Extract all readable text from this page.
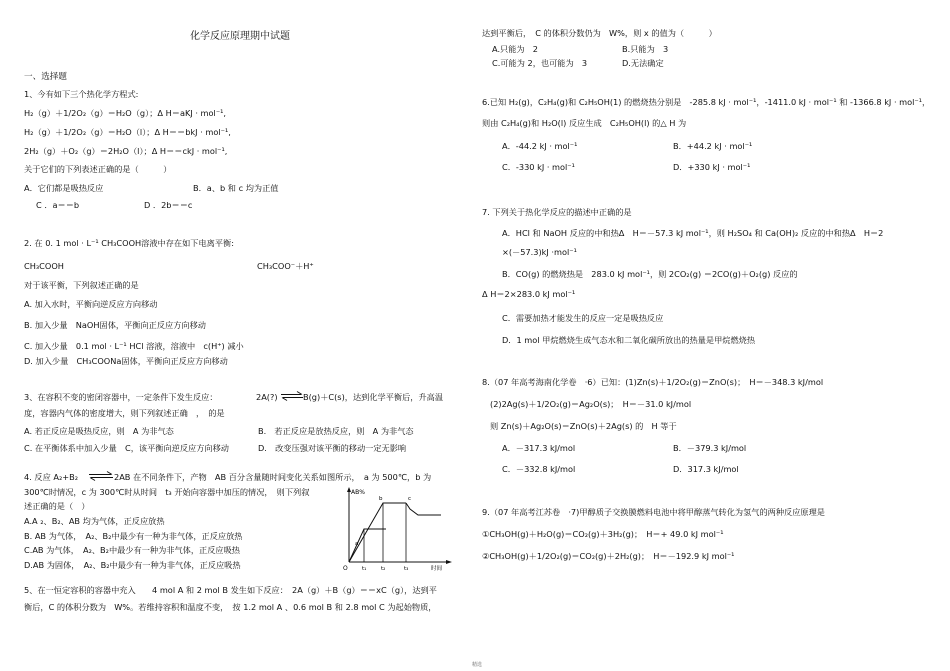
化学反应原理期中试题
一、选择题
1、今有如下三个热化学方程式:
H₂（g）＋1/2O₂（g）＝H₂O（g）；Δ H＝aKJ · mol⁻¹,
H₂（g）＋1/2O₂（g）＝H₂O（l）；Δ H＝＝bkJ · mol⁻¹,
2H₂（g）＋O₂（g）＝2H₂O（l）；Δ H＝＝ckJ · mol⁻¹,
关于它们的下列表述正确的是（　　　）
A．它们都是吸热反应	B．a、b 和 c 均为正值
C ．a＝＝b	D ．2b＝＝c
2. 在 0. 1 mol · L⁻¹ CH₃COOH溶液中存在如下电离平衡:
CH₃COOH	CH₃COO⁻＋H⁺
对于该平衡，下列叙述正确的是
A. 加入水时，平衡向逆反应方向移动
B. 加入少量　NaOH固体，平衡向正反应方向移动
C. 加入少量　0.1 mol · L⁻¹ HCl 溶液，溶液中　c(H⁺) 减小
D. 加入少量　CH₃COONa固体，平衡向正反应方向移动
3、在容积不变的密闭容器中，一定条件下发生反应：	2A(?) ⇌ B(g)＋C(s)，达到化学平衡后，升高温
度，容器内气体的密度增大，则下列叙述正确　，　的是
A. 若正反应是吸热反应，则　A 为非气态	B.　若正反应是放热反应，则　A 为非气态
C. 在平衡体系中加入少量　C，该平衡向逆反应方向移动	D.　改变压强对该平衡的移动一定无影响
4. 反应 A₂+B₂ ⇌ 2AB 在不同条件下，产物　AB 百分含量随时间变化关系如图所示，　a 为 500℃，b 为
300℃时情况，c 为 300℃时从时间　t₃ 开始向容器中加压的情况，　则下列叙
述正确的是（　）
A.A ₂、B₂、AB 均为气体，正反应放热
B. AB 为气体，　A₂、B₂中最少有一种为非气体，正反应放热
C.AB 为气体，　A₂、B₂中最少有一种为非气体，正反应吸热
D.AB 为固体，　A₂、B₂中最少有一种为非气体，正反应吸热
AB%
O
a
b	c
t₁	t₂	t₃	时间
5、在一恒定容积的容器中充入　　4 mol A 和 2 mol B 发生如下反应：　2A（g）＋B（g）＝＝xC（g），达到平
衡后，C 的体积分数为　W%。若维持容积和温度不变，　按 1.2 mol A 、0.6 mol B 和 2.8 mol C 为起始物质，
达到平衡后，　C 的体积分数仍为　W%，则 x 的值为（　　　）
A.只能为　2	B.只能为　3
C.可能为 2，也可能为　3	D.无法确定
6.已知 H₂(g)，C₂H₄(g)和 C₂H₅OH(1) 的燃烧热分别是　-285.8 kJ · mol⁻¹，-1411.0 kJ · mol⁻¹ 和 -1366.8 kJ · mol⁻¹，
则由 C₂H₄(g)和 H₂O(l) 反应生成　C₂H₅OH(l) 的△ H 为
A．-44.2 kJ · mol⁻¹	B．+44.2 kJ · mol⁻¹
C．-330 kJ · mol⁻¹	D．+330 kJ · mol⁻¹
7. 下列关于热化学反应的描述中正确的是
A．HCl 和 NaOH 反应的中和热Δ　H＝－57.3 kJ mol⁻¹，则 H₂SO₄ 和 Ca(OH)₂ 反应的中和热Δ　H＝2
×(－57.3)kJ ·mol⁻¹
B．CO(g) 的燃烧热是　283.0 kJ mol⁻¹，则 2CO₂(g) ＝2CO(g)＋O₂(g) 反应的
Δ H＝2×283.0 kJ mol⁻¹
C．需要加热才能发生的反应一定是吸热反应
D．1 mol 甲烷燃烧生成气态水和二氧化碳所放出的热量是甲烷燃烧热
8.（07 年高考海南化学卷　·6）已知：(1)Zn(s)＋1/2O₂(g)＝ZnO(s)；　H＝－348.3 kJ/mol
(2)2Ag(s)＋1/2O₂(g)＝Ag₂O(s)；　H＝－31.0 kJ/mol
则 Zn(s)＋Ag₂O(s)＝ZnO(s)＋2Ag(s) 的　H 等于
A．－317.3 kJ/mol	B．－379.3 kJ/mol
C．－332.8 kJ/mol	D．317.3 kJ/mol
9.（07 年高考江苏卷　·7)甲醇质子交换膜燃料电池中将甲醇蒸气转化为氢气的两种反应原理是
①CH₃OH(g)＋H₂O(g)＝CO₂(g)＋3H₂(g)；　H＝+ 49.0 kJ mol⁻¹
②CH₃OH(g)＋1/2O₂(g)＝CO₂(g)＋2H₂(g)；　H＝－192.9 kJ mol⁻¹
精选
